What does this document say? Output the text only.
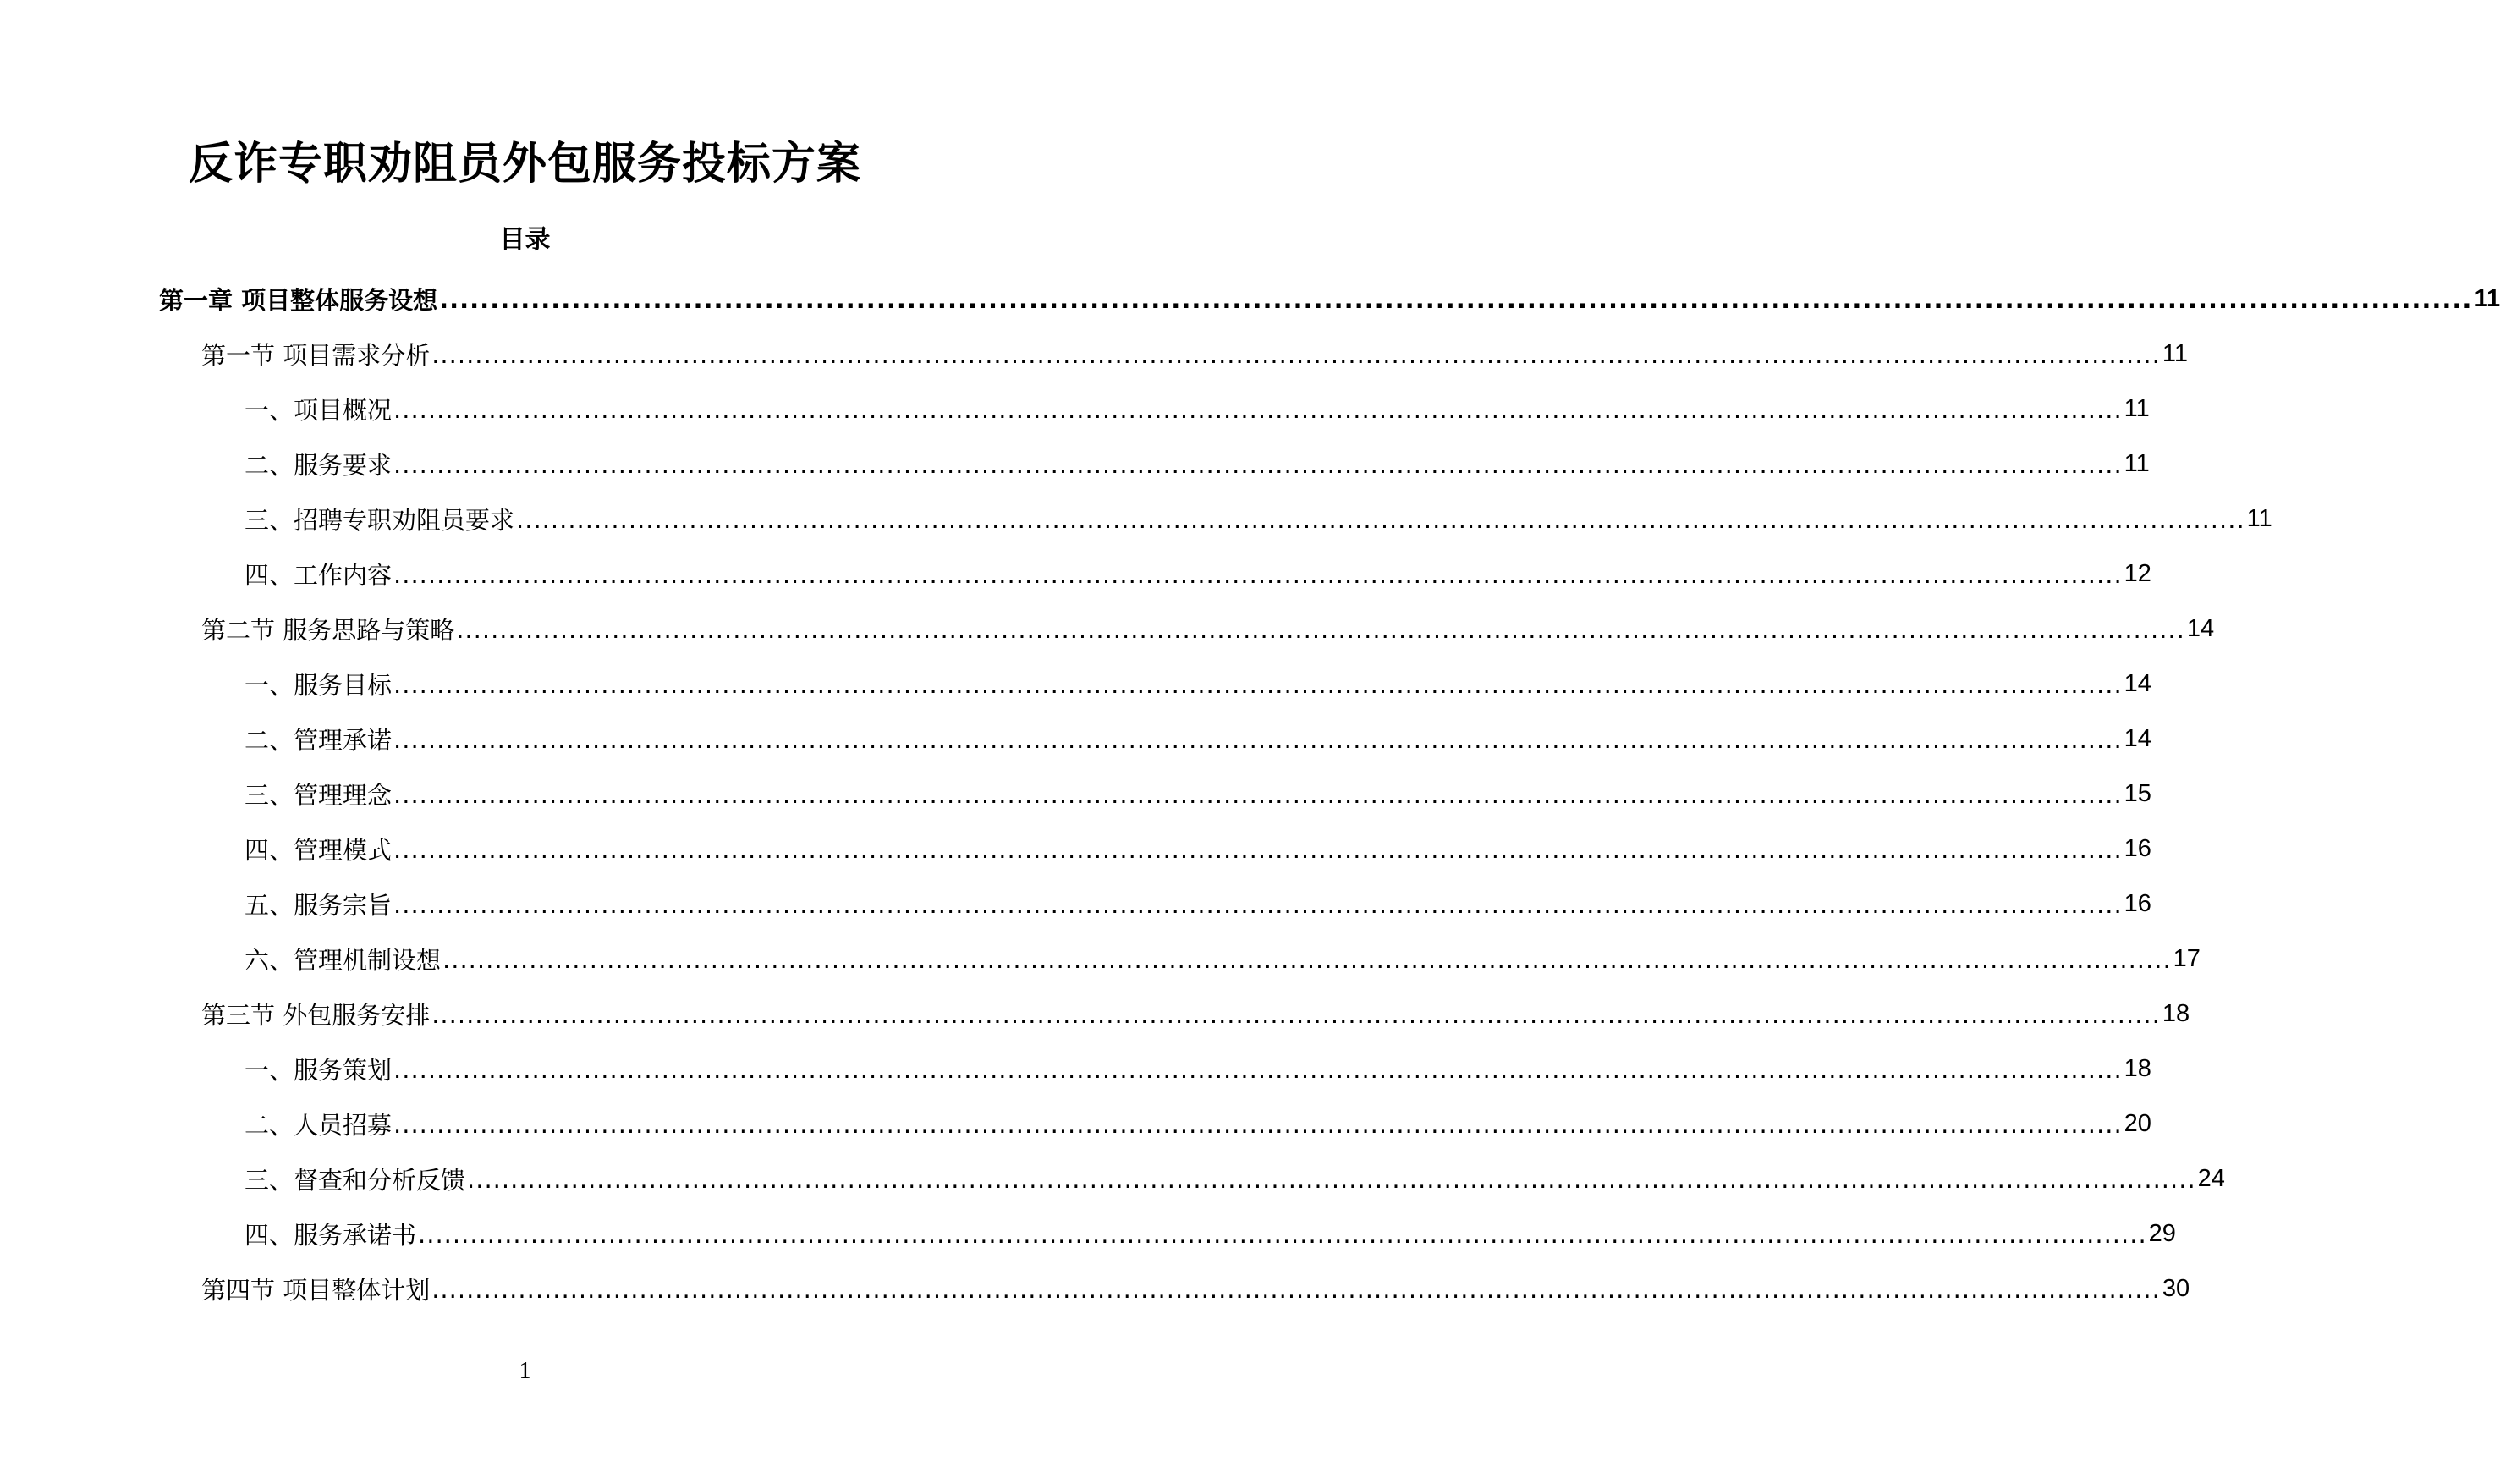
反诈专职劝阻员外包服务投标方案
目录
第一章 项目整体服务设想 ........................................................................................................................................................................................................ 11
第一节 项目需求分析 ........................................................................................................................................................................................................ 11
一、项目概况 ........................................................................................................................................................................................................ 11
二、服务要求 ........................................................................................................................................................................................................ 11
三、招聘专职劝阻员要求 ........................................................................................................................................................................................................ 11
四、工作内容 ........................................................................................................................................................................................................ 12
第二节 服务思路与策略 ........................................................................................................................................................................................................ 14
一、服务目标 ........................................................................................................................................................................................................ 14
二、管理承诺 ........................................................................................................................................................................................................ 14
三、管理理念 ........................................................................................................................................................................................................ 15
四、管理模式 ........................................................................................................................................................................................................ 16
五、服务宗旨 ........................................................................................................................................................................................................ 16
六、管理机制设想 ........................................................................................................................................................................................................ 17
第三节 外包服务安排 ........................................................................................................................................................................................................ 18
一、服务策划 ........................................................................................................................................................................................................ 18
二、人员招募 ........................................................................................................................................................................................................ 20
三、督查和分析反馈 ........................................................................................................................................................................................................ 24
四、服务承诺书 ........................................................................................................................................................................................................ 29
第四节 项目整体计划 ........................................................................................................................................................................................................ 30
1
